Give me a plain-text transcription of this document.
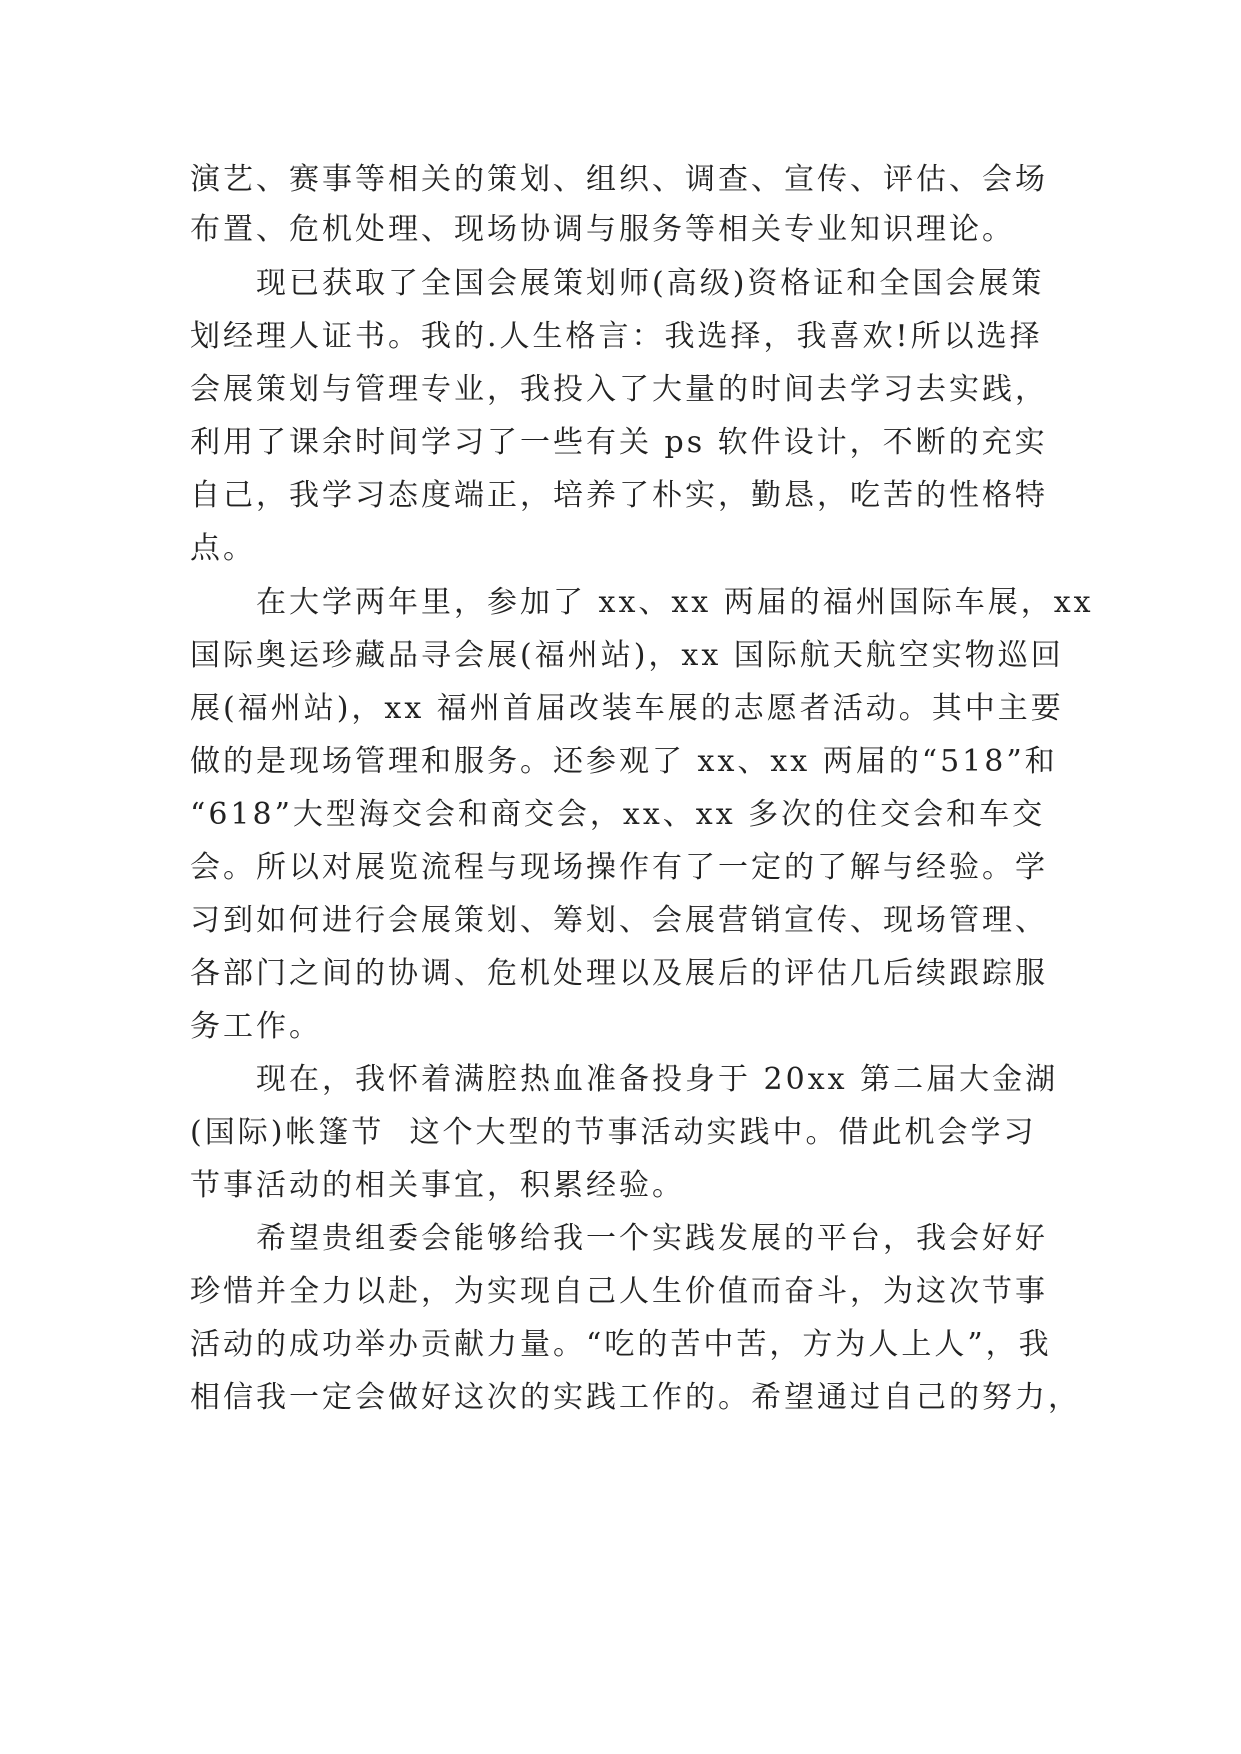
演艺、赛事等相关的策划、组织、调查、宣传、评估、会场
布置、危机处理、现场协调与服务等相关专业知识理论。
　　现已获取了全国会展策划师(高级)资格证和全国会展策
划经理人证书。我的.人生格言：我选择，我喜欢!所以选择
会展策划与管理专业，我投入了大量的时间去学习去实践，
利用了课余时间学习了一些有关 ps 软件设计，不断的充实
自己，我学习态度端正，培养了朴实，勤恳，吃苦的性格特
点。
　　在大学两年里，参加了 xx、xx 两届的福州国际车展，xx
国际奥运珍藏品寻会展(福州站)，xx 国际航天航空实物巡回
展(福州站)，xx 福州首届改装车展的志愿者活动。其中主要
做的是现场管理和服务。还参观了 xx、xx 两届的“518”和
“618”大型海交会和商交会，xx、xx 多次的住交会和车交
会。所以对展览流程与现场操作有了一定的了解与经验。学
习到如何进行会展策划、筹划、会展营销宣传、现场管理、
各部门之间的协调、危机处理以及展后的评估几后续跟踪服
务工作。
　　现在，我怀着满腔热血准备投身于 20xx 第二届大金湖
(国际)帐篷节  这个大型的节事活动实践中。借此机会学习
节事活动的相关事宜，积累经验。
　　希望贵组委会能够给我一个实践发展的平台，我会好好
珍惜并全力以赴，为实现自己人生价值而奋斗，为这次节事
活动的成功举办贡献力量。“吃的苦中苦，方为人上人”，我
相信我一定会做好这次的实践工作的。希望通过自己的努力，
